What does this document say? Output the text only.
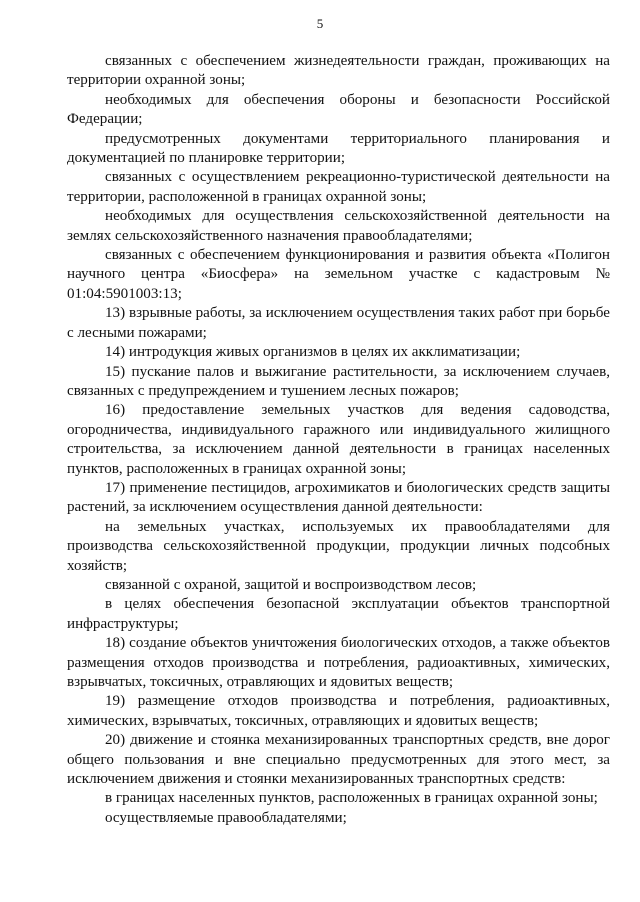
5

связанных с обеспечением жизнедеятельности граждан, проживающих на территории охранной зоны;

необходимых для обеспечения обороны и безопасности Российской Федерации;

предусмотренных документами территориального планирования и документацией по планировке территории;

связанных с осуществлением рекреационно-туристической деятельности на территории, расположенной в границах охранной зоны;

необходимых для осуществления сельскохозяйственной деятельности на землях сельскохозяйственного назначения правообладателями;

связанных с обеспечением функционирования и развития объекта «Полигон научного центра «Биосфера» на земельном участке с кадастровым № 01:04:5901003:13;

13) взрывные работы, за исключением осуществления таких работ при борьбе с лесными пожарами;

14) интродукция живых организмов в целях их акклиматизации;

15) пускание палов и выжигание растительности, за исключением случаев, связанных с предупреждением и тушением лесных пожаров;

16) предоставление земельных участков для ведения садоводства, огородничества, индивидуального гаражного или индивидуального жилищного строительства, за исключением данной деятельности в границах населенных пунктов, расположенных в границах охранной зоны;

17) применение пестицидов, агрохимикатов и биологических средств защиты растений, за исключением осуществления данной деятельности:

на земельных участках, используемых их правообладателями для производства сельскохозяйственной продукции, продукции личных подсобных хозяйств;

связанной с охраной, защитой и воспроизводством лесов;

в целях обеспечения безопасной эксплуатации объектов транспортной инфраструктуры;

18) создание объектов уничтожения биологических отходов, а также объектов размещения отходов производства и потребления, радиоактивных, химических, взрывчатых, токсичных, отравляющих и ядовитых веществ;

19) размещение отходов производства и потребления, радиоактивных, химических, взрывчатых, токсичных, отравляющих и ядовитых веществ;

20) движение и стоянка механизированных транспортных средств, вне дорог общего пользования и вне специально предусмотренных для этого мест, за исключением движения и стоянки механизированных транспортных средств:

в границах населенных пунктов, расположенных в границах охранной зоны;

осуществляемые правообладателями;
